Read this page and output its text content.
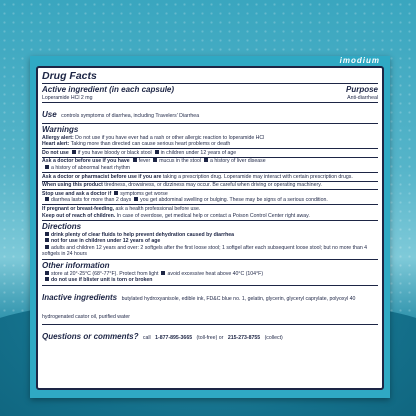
imodium
Drug Facts
Active ingredient (in each capsule)	Purpose
Loperamide HCl 2 mg	Anti-diarrheal
Use controls symptoms of diarrhea, including Travelers' Diarrhea
Warnings
Allergy alert: Do not use if you have ever had a rash or other allergic reaction to loperamide HCl
Heart alert: Taking more than directed can cause serious heart problems or death
Do not use if you have bloody or black stool in children under 12 years of age
Ask a doctor before use if you have fever mucus in the stool a history of liver disease
a history of abnormal heart rhythm
Ask a doctor or pharmacist before use if you are taking a prescription drug. Loperamide may interact with certain prescription drugs.
When using this product tiredness, drowsiness, or dizziness may occur. Be careful when driving or operating machinery.
Stop use and ask a doctor if symptoms get worse
diarrhea lasts for more than 2 days you get abdominal swelling or bulging. These may be signs of a serious condition.
If pregnant or breast-feeding, ask a health professional before use.
Keep out of reach of children. In case of overdose, get medical help or contact a Poison Control Center right away.
Directions
drink plenty of clear fluids to help prevent dehydration caused by diarrhea
not for use in children under 12 years of age
adults and children 12 years and over: 2 softgels after the first loose stool; 1 softgel after each subsequent loose stool; but no more than 4 softgels in 24 hours
Other information
store at 20°-25°C (68°-77°F). Protect from light avoid excessive heat above 40°C (104°F)
do not use if blister unit is torn or broken
Inactive ingredients butylated hydroxyanisole, edible ink, FD&C blue no. 1, gelatin, glycerin, glyceryl caprylate, polyoxyl 40 hydrogenated castor oil, purified water
Questions or comments? call 1-877-895-3665 (toll-free) or 215-273-8755 (collect)
